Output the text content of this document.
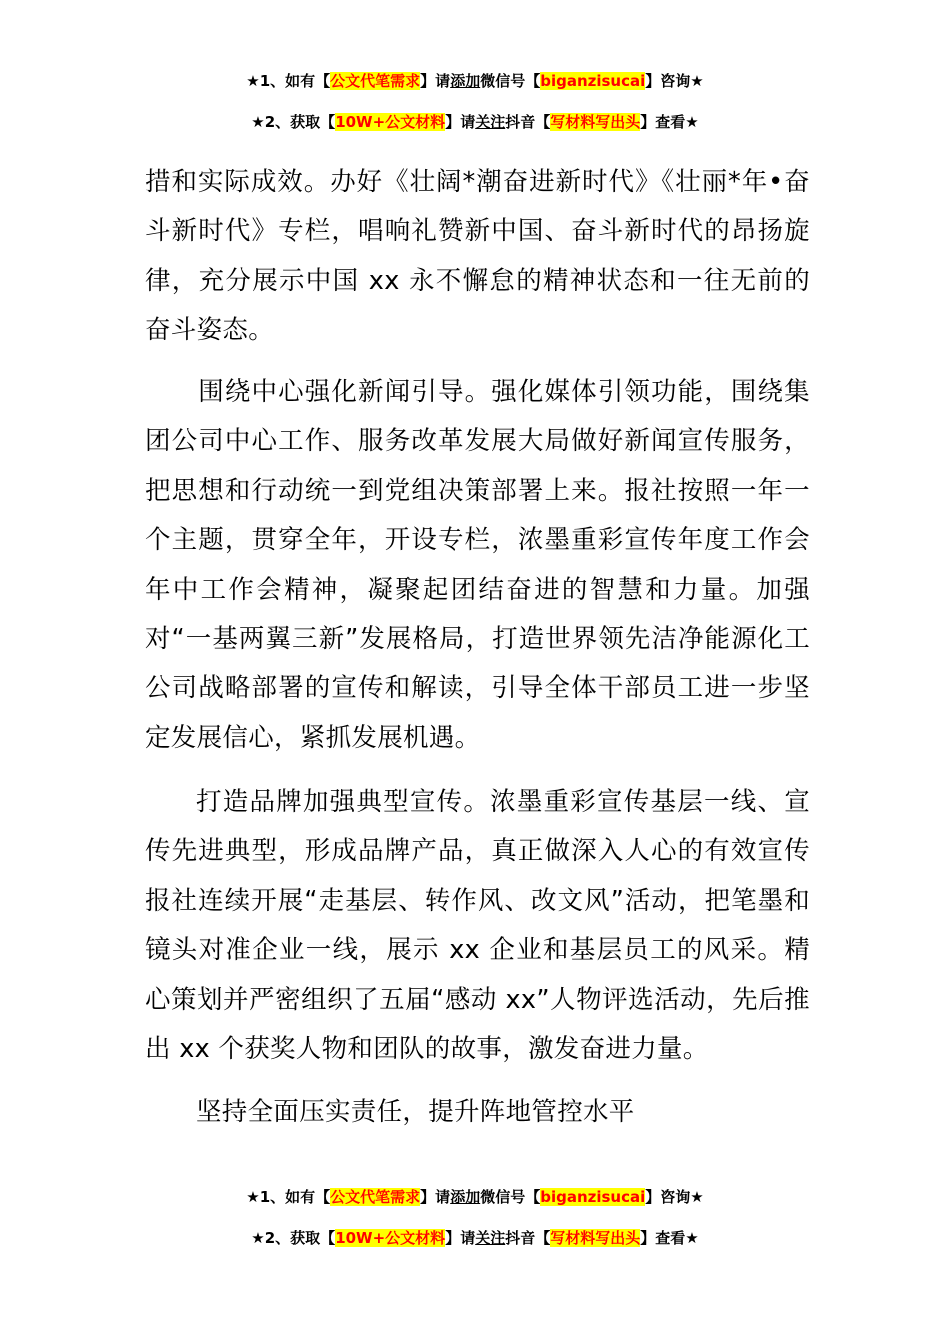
★1、如有【公文代笔需求】请添加微信号【biganzisucai】咨询★
★2、获取【10W+公文材料】请关注抖音【写材料写出头】查看★

措和实际成效。办好《壮阔*潮奋进新时代》《壮丽*年•奋斗新时代》专栏，唱响礼赞新中国、奋斗新时代的昂扬旋律，充分展示中国 xx 永不懈怠的精神状态和一往无前的奋斗姿态。

　　围绕中心强化新闻引导。强化媒体引领功能，围绕集团公司中心工作、服务改革发展大局做好新闻宣传服务，把思想和行动统一到党组决策部署上来。报社按照一年一个主题，贯穿全年，开设专栏，浓墨重彩宣传年度工作会年中工作会精神，凝聚起团结奋进的智慧和力量。加强对“一基两翼三新”发展格局，打造世界领先洁净能源化工公司战略部署的宣传和解读，引导全体干部员工进一步坚定发展信心，紧抓发展机遇。

打造品牌加强典型宣传。浓墨重彩宣传基层一线、宣传先进典型，形成品牌产品，真正做深入人心的有效宣传报社连续开展“走基层、转作风、改文风”活动，把笔墨和镜头对准企业一线，展示 xx 企业和基层员工的风采。精心策划并严密组织了五届“感动 xx”人物评选活动，先后推出 xx 个获奖人物和团队的故事，激发奋进力量。

坚持全面压实责任，提升阵地管控水平

★1、如有【公文代笔需求】请添加微信号【biganzisucai】咨询★
★2、获取【10W+公文材料】请关注抖音【写材料写出头】查看★
